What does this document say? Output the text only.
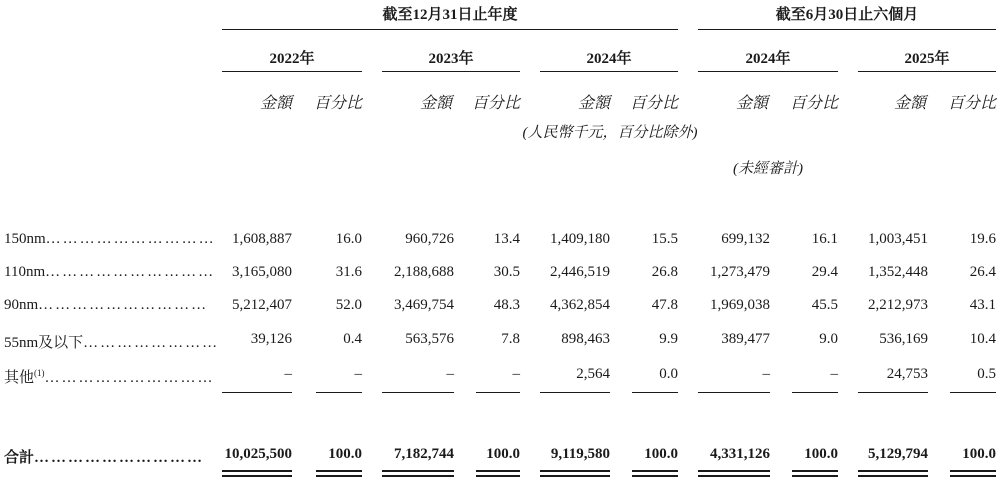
截至12月31日止年度	截至6月30日止六個月
2022年	2023年	2024年	2024年	2025年
金額	百分比	金額	百分比	金額	百分比	金額	百分比	金額	百分比
(人民幣千元，百分比除外)
(未經審計)
150nm…………………………	1,608,887	16.0	960,726	13.4	1,409,180	15.5	699,132	16.1	1,003,451	19.6
110nm…………………………	3,165,080	31.6	2,188,688	30.5	2,446,519	26.8	1,273,479	29.4	1,352,448	26.4
90nm…………………………	5,212,407	52.0	3,469,754	48.3	4,362,854	47.8	1,969,038	45.5	2,212,973	43.1
55nm及以下……………………	39,126	0.4	563,576	7.8	898,463	9.9	389,477	9.0	536,169	10.4
其他$^{(1)}$…………………………	–	–	–	–	2,564	0.0	–	–	24,753	0.5
合計…………………………	10,025,500	100.0	7,182,744	100.0	9,119,580	100.0	4,331,126	100.0	5,129,794	100.0
